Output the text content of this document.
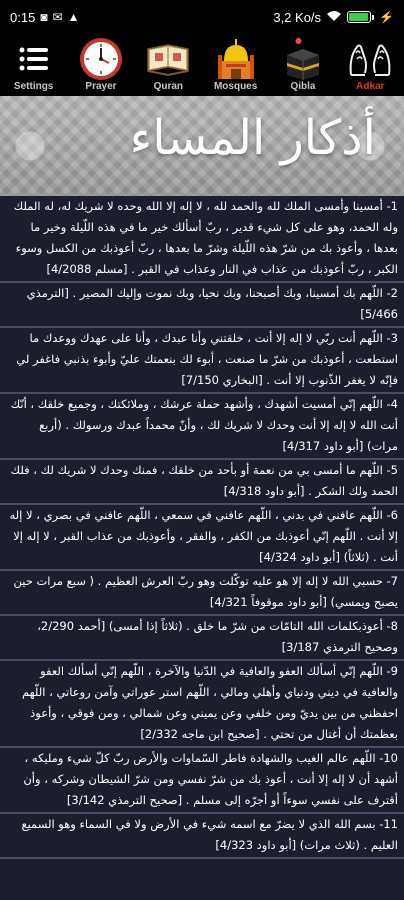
0:15 ◙ ✉ ▲	3,2 Ko/s	⚡
Settings	Prayer	Quran	Mosques	Qibla	Adkar
أذكار المساء
1- أمسينا وأمسى الملك لله والحمد لله ، لا إله إلا الله وحده لا شريك له، له الملك وله الحمد، وهو على كل شيء قدير ، ربّ أسألك خير ما في هذه اللّيلة وخير ما بعدها ، وأعوذ بك من شرّ هذه اللّيلة وشرّ ما بعدها ، ربّ أعوذبك من الكسل وسوء الكبر ، ربّ أعوذبك من عذاب في النار وعذاب في القبر . [مسلم 4/2088]
2- اللّهم بك أمسينا، وبك أصبحنا، وبك نحيا، وبك نموت وإليك المصير . [الترمذي 5/466]
3- اللّهم أنت ربّي لا إله إلا أنت ، خلقتني وأنا عبدك ، وأنا على عهدك ووعدك ما استطعت ، أعوذبك من شرّ ما صنعت ، أبوء لك بنعمتك عليّ وأبوء بذنبي فاغفر لي فإنّه لا يغفر الذّنوب إلا أنت . [البخاري 7/150]
4- اللّهم إنّي أمسيت أشهدك ، وأشهد حملة عرشك ، وملائكتك ، وجميع خلقك ، أنّك أنت الله لا إله إلا أنت وحدك لا شريك لك ، وأنّ محمداً عبدك ورسولك . (أربع مرات) [أبو داود 4/317]
5- اللّهم ما أمسى بي من نعمة أو بأحد من خلقك ، فمنك وحدك لا شريك لك ، فلك الحمد ولك الشكر . [أبو داود 4/318]
6- اللّهم عافني في بدني ، اللّهم عافني في سمعي ، اللّهم عافني في بصري ، لا إله إلا أنت . اللّهم إنّي أعوذبك من الكفر ، والفقر ، وأعوذبك من عذاب القبر ، لا إله إلا أنت . (ثلاثاً) [أبو داود 4/324]
7- حسبي الله لا إله إلا هو عليه توكّلت وهو ربّ العرش العظيم . ( سبع مرات حين يصبح ويمسي) [أبو داود موقوفاً 4/321]
8- أعوذبكلمات الله التامّات من شرّ ما خلق . (ثلاثاً إذا أمسى) [أحمد 2/290، وصحيح الترمذي 3/187]
9- اللّهم إنّي أسألك العفو والعافية في الدّنيا والآخرة ، اللّهم إنّي أسألك العفو والعافية في ديني ودنياي وأهلي ومالي ، اللّهم استر عوراتي وآمن روعاتي ، اللّهم احفظني من بين يديّ ومن خلفي وعن يميني وعن شمالي ، ومن فوقي ، وأعوذ بعظمتك أن أغتال من تحتي . [صحيح ابن ماجه 2/332]
10- اللّهم عالم الغيب والشهادة فاطر السّماوات والأرض ربّ كلّ شيء ومليكه ، أشهد أن لا إله إلا أنت ، أعوذ بك من شرّ نفسي ومن شرّ الشيطان وشركه ، وأن أقترف على نفسي سوءاً أو أجرّه إلى مسلم . [صحيح الترمذي 3/142]
11- بسم الله الذي لا يضرّ مع اسمه شيء في الأرض ولا في السماء وهو السميع العليم . (ثلاث مرات) [أبو داود 4/323]
